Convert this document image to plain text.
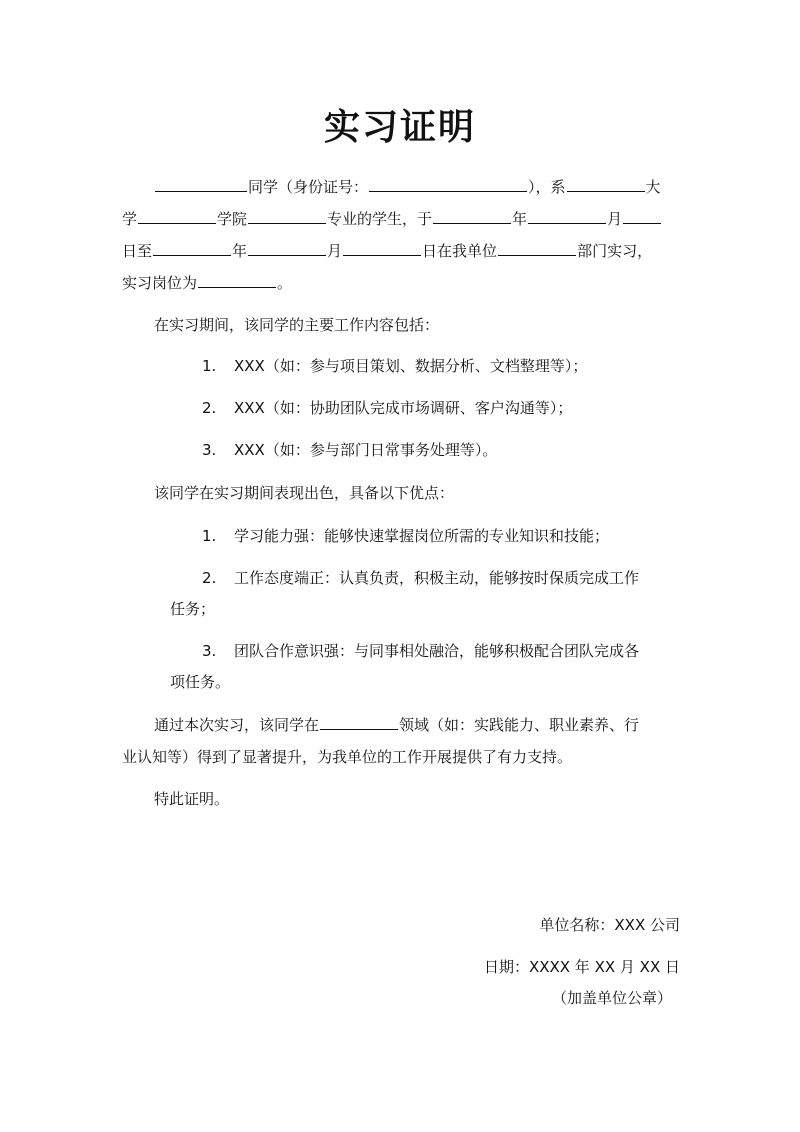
实习证明
同学（身份证号：	），系	大
学	学院	专业的学生，于	年	月
日至	年	月	日在我单位	部门实习，
实习岗位为	。
在实习期间，该同学的主要工作内容包括：
1. XXX（如：参与项目策划、数据分析、文档整理等）；
2. XXX（如：协助团队完成市场调研、客户沟通等）；
3. XXX（如：参与部门日常事务处理等）。
该同学在实习期间表现出色，具备以下优点：
1. 学习能力强：能够快速掌握岗位所需的专业知识和技能；
2. 工作态度端正：认真负责，积极主动，能够按时保质完成工作
任务；
3. 团队合作意识强：与同事相处融洽，能够积极配合团队完成各
项任务。
通过本次实习，该同学在	领域（如：实践能力、职业素养、行
业认知等）得到了显著提升，为我单位的工作开展提供了有力支持。
特此证明。
单位名称：XXX 公司
日期：XXXX 年 XX 月 XX 日
（加盖单位公章）
